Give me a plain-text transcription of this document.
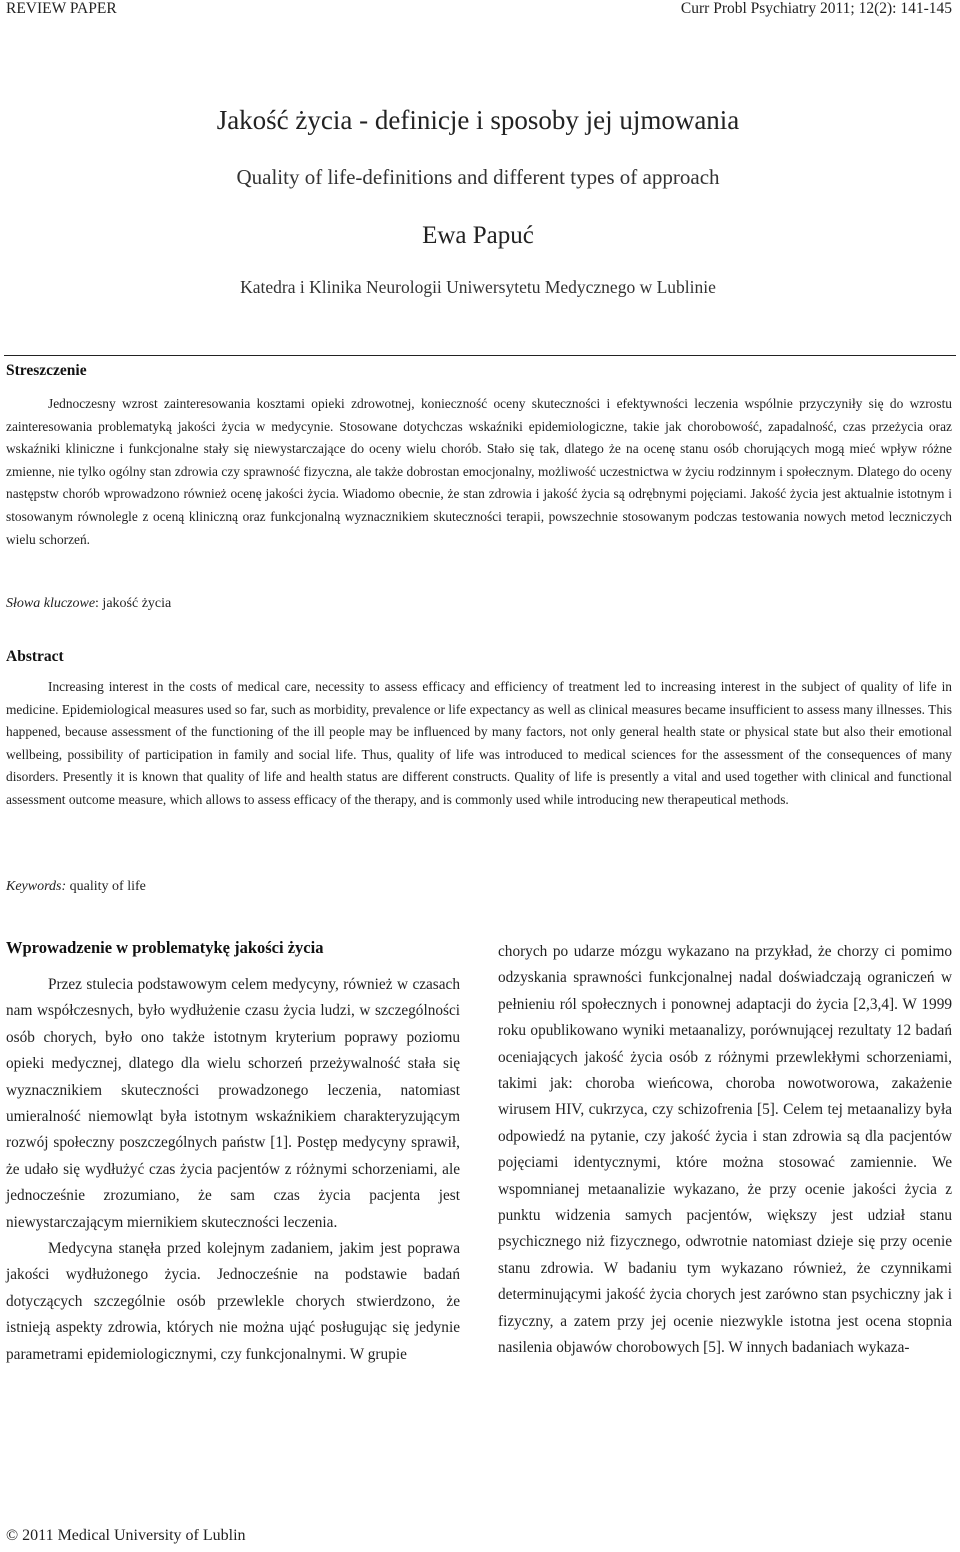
REVIEW PAPER	Curr Probl Psychiatry 2011; 12(2): 141-145
Jakość życia - definicje i sposoby jej ujmowania
Quality of life-definitions and different types of approach
Ewa Papuć
Katedra i Klinika Neurologii Uniwersytetu Medycznego w Lublinie
Streszczenie
Jednoczesny wzrost zainteresowania kosztami opieki zdrowotnej, konieczność oceny skuteczności i efektywności leczenia wspólnie przyczyniły się do wzrostu zainteresowania problematyką jakości życia w medycynie. Stosowane dotychczas wskaźniki epidemiologiczne, takie jak chorobowość, zapadalność, czas przeżycia oraz wskaźniki kliniczne i funkcjonalne stały się niewystarczające do oceny wielu chorób. Stało się tak, dlatego że na ocenę stanu osób chorujących mogą mieć wpływ różne zmienne, nie tylko ogólny stan zdrowia czy sprawność fizyczna, ale także dobrostan emocjonalny, możliwość uczestnictwa w życiu rodzinnym i społecznym. Dlatego do oceny następstw chorób wprowadzono również ocenę jakości życia. Wiadomo obecnie, że stan zdrowia i jakość życia są odrębnymi pojęciami. Jakość życia jest aktualnie istotnym i stosowanym równolegle z oceną kliniczną oraz funkcjonalną wyznacznikiem skuteczności terapii, powszechnie stosowanym podczas testowania nowych metod leczniczych wielu schorzeń.
Słowa kluczowe: jakość życia
Abstract
Increasing interest in the costs of medical care, necessity to assess efficacy and efficiency of treatment led to increasing interest in the subject of quality of life in medicine. Epidemiological measures used so far, such as morbidity, prevalence or life expectancy as well as clinical measures became insufficient to assess many illnesses. This happened, because assessment of the functioning of the ill people may be influenced by many factors, not only general health state or physical state but also their emotional wellbeing, possibility of participation in family and social life. Thus, quality of life was introduced to medical sciences for the assessment of the consequences of many disorders. Presently it is known that quality of life and health status are different constructs. Quality of life is presently a vital and used together with clinical and functional assessment outcome measure, which allows to assess efficacy of the therapy, and is commonly used while introducing new therapeutical methods.
Keywords: quality of life
Wprowadzenie w problematykę jakości życia

Przez stulecia podstawowym celem medycyny, również w czasach nam współczesnych, było wydłużenie czasu życia ludzi, w szczególności osób chorych, było ono także istotnym kryterium poprawy poziomu opieki medycznej, dlatego dla wielu schorzeń przeżywalność stała się wyznacznikiem skuteczności prowadzonego leczenia, natomiast umieralność niemowląt była istotnym wskaźnikiem charakteryzującym rozwój społeczny poszczególnych państw [1]. Postęp medycyny sprawił, że udało się wydłużyć czas życia pacjentów z różnymi schorzeniami, ale jednocześnie zrozumiano, że sam czas życia pacjenta jest niewystarczającym miernikiem skuteczności leczenia.

Medycyna stanęła przed kolejnym zadaniem, jakim jest poprawa jakości wydłużonego życia. Jednocześnie na podstawie badań dotyczących szczególnie osób przewlekle chorych stwierdzono, że istnieją aspekty zdrowia, których nie można ująć posługując się jedynie parametrami epidemiologicznymi, czy funkcjonalnymi. W grupie

chorych po udarze mózgu wykazano na przykład, że chorzy ci pomimo odzyskania sprawności funkcjonalnej nadal doświadczają ograniczeń w pełnieniu ról społecznych i ponownej adaptacji do życia [2,3,4]. W 1999 roku opublikowano wyniki metaanalizy, porównującej rezultaty 12 badań oceniających jakość życia osób z różnymi przewlekłymi schorzeniami, takimi jak: choroba wieńcowa, choroba nowotworowa, zakażenie wirusem HIV, cukrzyca, czy schizofrenia [5]. Celem tej metaanalizy była odpowiedź na pytanie, czy jakość życia i stan zdrowia są dla pacjentów pojęciami identycznymi, które można stosować zamiennie. We wspomnianej metaanalizie wykazano, że przy ocenie jakości życia z punktu widzenia samych pacjentów, większy jest udział stanu psychicznego niż fizycznego, odwrotnie natomiast dzieje się przy ocenie stanu zdrowia. W badaniu tym wykazano również, że czynnikami determinującymi jakość życia chorych jest zarówno stan psychiczny jak i fizyczny, a zatem przy jej ocenie niezwykle istotna jest ocena stopnia nasilenia objawów chorobowych [5]. W innych badaniach wykaza-

© 2011 Medical University of Lublin
